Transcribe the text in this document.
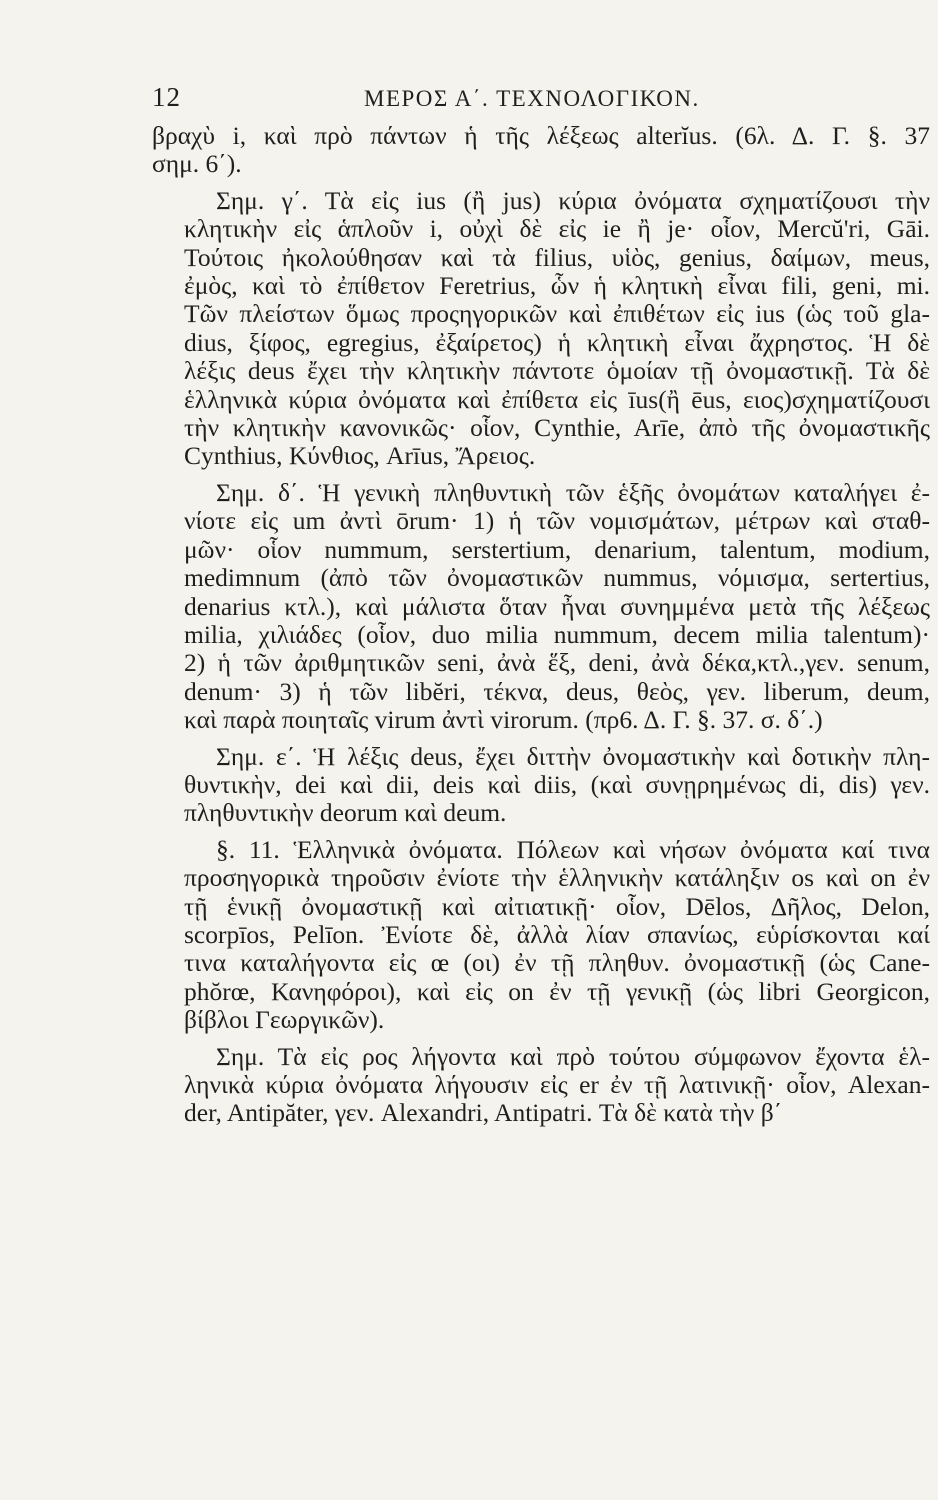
12	ΜΕΡΟΣ Α΄. ΤΕΧΝΟΛΟΓΙΚΟΝ.
βραχὺ i, καὶ πρὸ πάντων ἡ τῆς λέξεως alterĭus. (6λ. Δ. Γ. §. 37
σημ. 6΄).
Σημ. γ΄. Τὰ εἰς ius (ἢ jus) κύρια ὀνόματα σχηματίζουσι τὴν
κλητικὴν εἰς ἁπλοῦν i, οὐχὶ δὲ εἰς ie ἢ je· οἷον, Mercŭ'ri, Gāi.
Τούτοις ἠκολούθησαν καὶ τὰ filius, υἱὸς, genius, δαίμων, meus,
ἐμὸς, καὶ τὸ ἐπίθετον Feretrius, ὧν ἡ κλητικὴ εἶναι fili, geni, mi.
Τῶν πλείστων ὅμως προςηγορικῶν καὶ ἐπιθέτων εἰς ius (ὡς τοῦ gla-
dius, ξίφος, egregius, ἐξαίρετος) ἡ κλητικὴ εἶναι ἄχρηστος. Ἡ δὲ
λέξις deus ἔχει τὴν κλητικὴν πάντοτε ὁμοίαν τῇ ὀνομαστικῇ. Τὰ δὲ
ἑλληνικὰ κύρια ὀνόματα καὶ ἐπίθετα εἰς īus(ἢ ēus, ειος)σχηματίζουσι
τὴν κλητικὴν κανονικῶς· οἷον, Cynthie, Arīe, ἀπὸ τῆς ὀνομαστικῆς
Cynthius, Κύνθιος, Arīus, Ἄρειος.
Σημ. δ΄. Ἡ γενικὴ πληθυντικὴ τῶν ἑξῆς ὀνομάτων καταλήγει ἐ-
νίοτε εἰς um ἀντὶ ōrum· 1) ἡ τῶν νομισμάτων, μέτρων καὶ σταθ-
μῶν· οἷον nummum, serstertium, denarium, talentum, modium,
medimnum (ἀπὸ τῶν ὀνομαστικῶν nummus, νόμισμα, sertertius,
denarius κτλ.), καὶ μάλιστα ὅταν ἦναι συνημμένα μετὰ τῆς λέξεως
milia, χιλιάδες (οἷον, duo milia nummum, decem milia talentum)·
2) ἡ τῶν ἀριθμητικῶν seni, ἀνὰ ἕξ, deni, ἀνὰ δέκα,κτλ.,γεν. senum,
denum· 3) ἡ τῶν libĕri, τέκνα, deus, θεὸς, γεν. liberum, deum,
καὶ παρὰ ποιηταῖς virum ἀντὶ virorum. (πρ6. Δ. Γ. §. 37. σ. δ΄.)
Σημ. ε΄. Ἡ λέξις deus, ἔχει διττὴν ὀνομαστικὴν καὶ δοτικὴν πλη-
θυντικὴν, dei καὶ dii, deis καὶ diis, (καὶ συνῃρημένως di, dis) γεν.
πληθυντικὴν deorum καὶ deum.
§. 11. Ἑλληνικὰ ὀνόματα. Πόλεων καὶ νήσων ὀνόματα καί τινα
προσηγορικὰ τηροῦσιν ἐνίοτε τὴν ἑλληνικὴν κατάληξιν os καὶ on ἐν
τῇ ἑνικῇ ὀνομαστικῇ καὶ αἰτιατικῇ· οἷον, Dēlos, Δῆλος, Delon,
scorpīos, Pelīon. Ἐνίοτε δὲ, ἀλλὰ λίαν σπανίως, εὑρίσκονται καί
τινα καταλήγοντα εἰς œ (οι) ἐν τῇ πληθυν. ὀνομαστικῇ (ὡς Cane-
phŏrœ, Κανηφόροι), καὶ εἰς on ἐν τῇ γενικῇ (ὡς libri Georgicon,
βίβλοι Γεωργικῶν).
Σημ. Τὰ εἰς ρος λήγοντα καὶ πρὸ τούτου σύμφωνον ἔχοντα ἑλ-
ληνικὰ κύρια ὀνόματα λήγουσιν εἰς er ἐν τῇ λατινικῇ· οἷον, Alexan-
der, Antipăter, γεν. Alexandri, Antipatri. Τὰ δὲ κατὰ τὴν β΄
